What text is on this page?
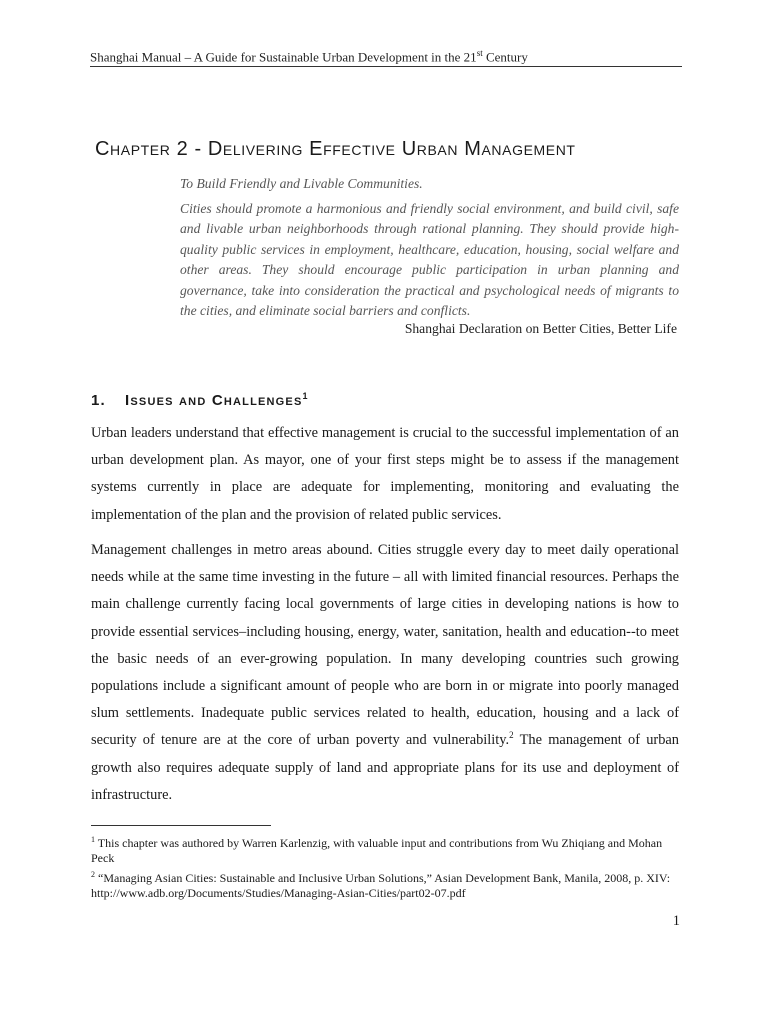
Shanghai Manual – A Guide for Sustainable Urban Development in the 21st Century
Chapter 2 - Delivering Effective Urban Management

To Build Friendly and Livable Communities.

Cities should promote a harmonious and friendly social environment, and build civil, safe and livable urban neighborhoods through rational planning. They should provide high-quality public services in employment, healthcare, education, housing, social welfare and other areas. They should encourage public participation in urban planning and governance, take into consideration the practical and psychological needs of migrants to the cities, and eliminate social barriers and conflicts.

Shanghai Declaration on Better Cities, Better Life
1. Issues and Challenges$^1$

Urban leaders understand that effective management is crucial to the successful implementation of an urban development plan. As mayor, one of your first steps might be to assess if the management systems currently in place are adequate for implementing, monitoring and evaluating the implementation of the plan and the provision of related public services.

Management challenges in metro areas abound. Cities struggle every day to meet daily operational needs while at the same time investing in the future – all with limited financial resources. Perhaps the main challenge currently facing local governments of large cities in developing nations is how to provide essential services–including housing, energy, water, sanitation, health and education--to meet the basic needs of an ever-growing population. In many developing countries such growing populations include a significant amount of people who are born in or migrate into poorly managed slum settlements. Inadequate public services related to health, education, housing and a lack of security of tenure are at the core of urban poverty and vulnerability.$^2$ The management of urban growth also requires adequate supply of land and appropriate plans for its use and deployment of infrastructure.

$^1$ This chapter was authored by Warren Karlenzig, with valuable input and contributions from Wu Zhiqiang and Mohan Peck

$^2$ “Managing Asian Cities: Sustainable and Inclusive Urban Solutions,” Asian Development Bank, Manila, 2008, p. XIV: http://www.adb.org/Documents/Studies/Managing-Asian-Cities/part02-07.pdf

1
